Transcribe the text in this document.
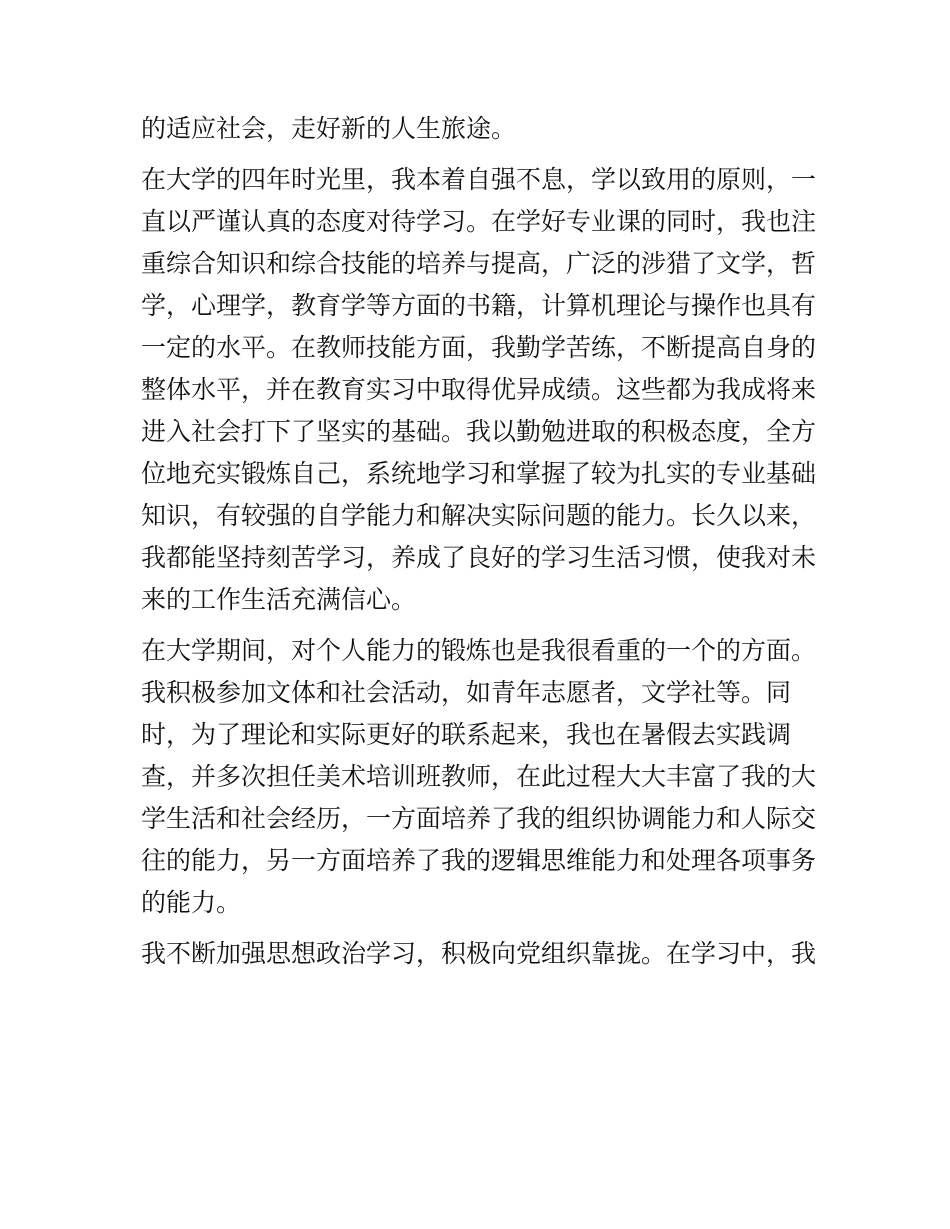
的适应社会，走好新的人生旅途。
在大学的四年时光里，我本着自强不息，学以致用的原则，一
直以严谨认真的态度对待学习。在学好专业课的同时，我也注
重综合知识和综合技能的培养与提高，广泛的涉猎了文学，哲
学，心理学，教育学等方面的书籍，计算机理论与操作也具有
一定的水平。在教师技能方面，我勤学苦练，不断提高自身的
整体水平，并在教育实习中取得优异成绩。这些都为我成将来
进入社会打下了坚实的基础。我以勤勉进取的积极态度，全方
位地充实锻炼自己，系统地学习和掌握了较为扎实的专业基础
知识，有较强的自学能力和解决实际问题的能力。长久以来，
我都能坚持刻苦学习，养成了良好的学习生活习惯，使我对未
来的工作生活充满信心。
在大学期间，对个人能力的锻炼也是我很看重的一个的方面。
我积极参加文体和社会活动，如青年志愿者，文学社等。同
时，为了理论和实际更好的联系起来，我也在暑假去实践调
查，并多次担任美术培训班教师，在此过程大大丰富了我的大
学生活和社会经历，一方面培养了我的组织协调能力和人际交
往的能力，另一方面培养了我的逻辑思维能力和处理各项事务
的能力。
我不断加强思想政治学习，积极向党组织靠拢。在学习中，我
